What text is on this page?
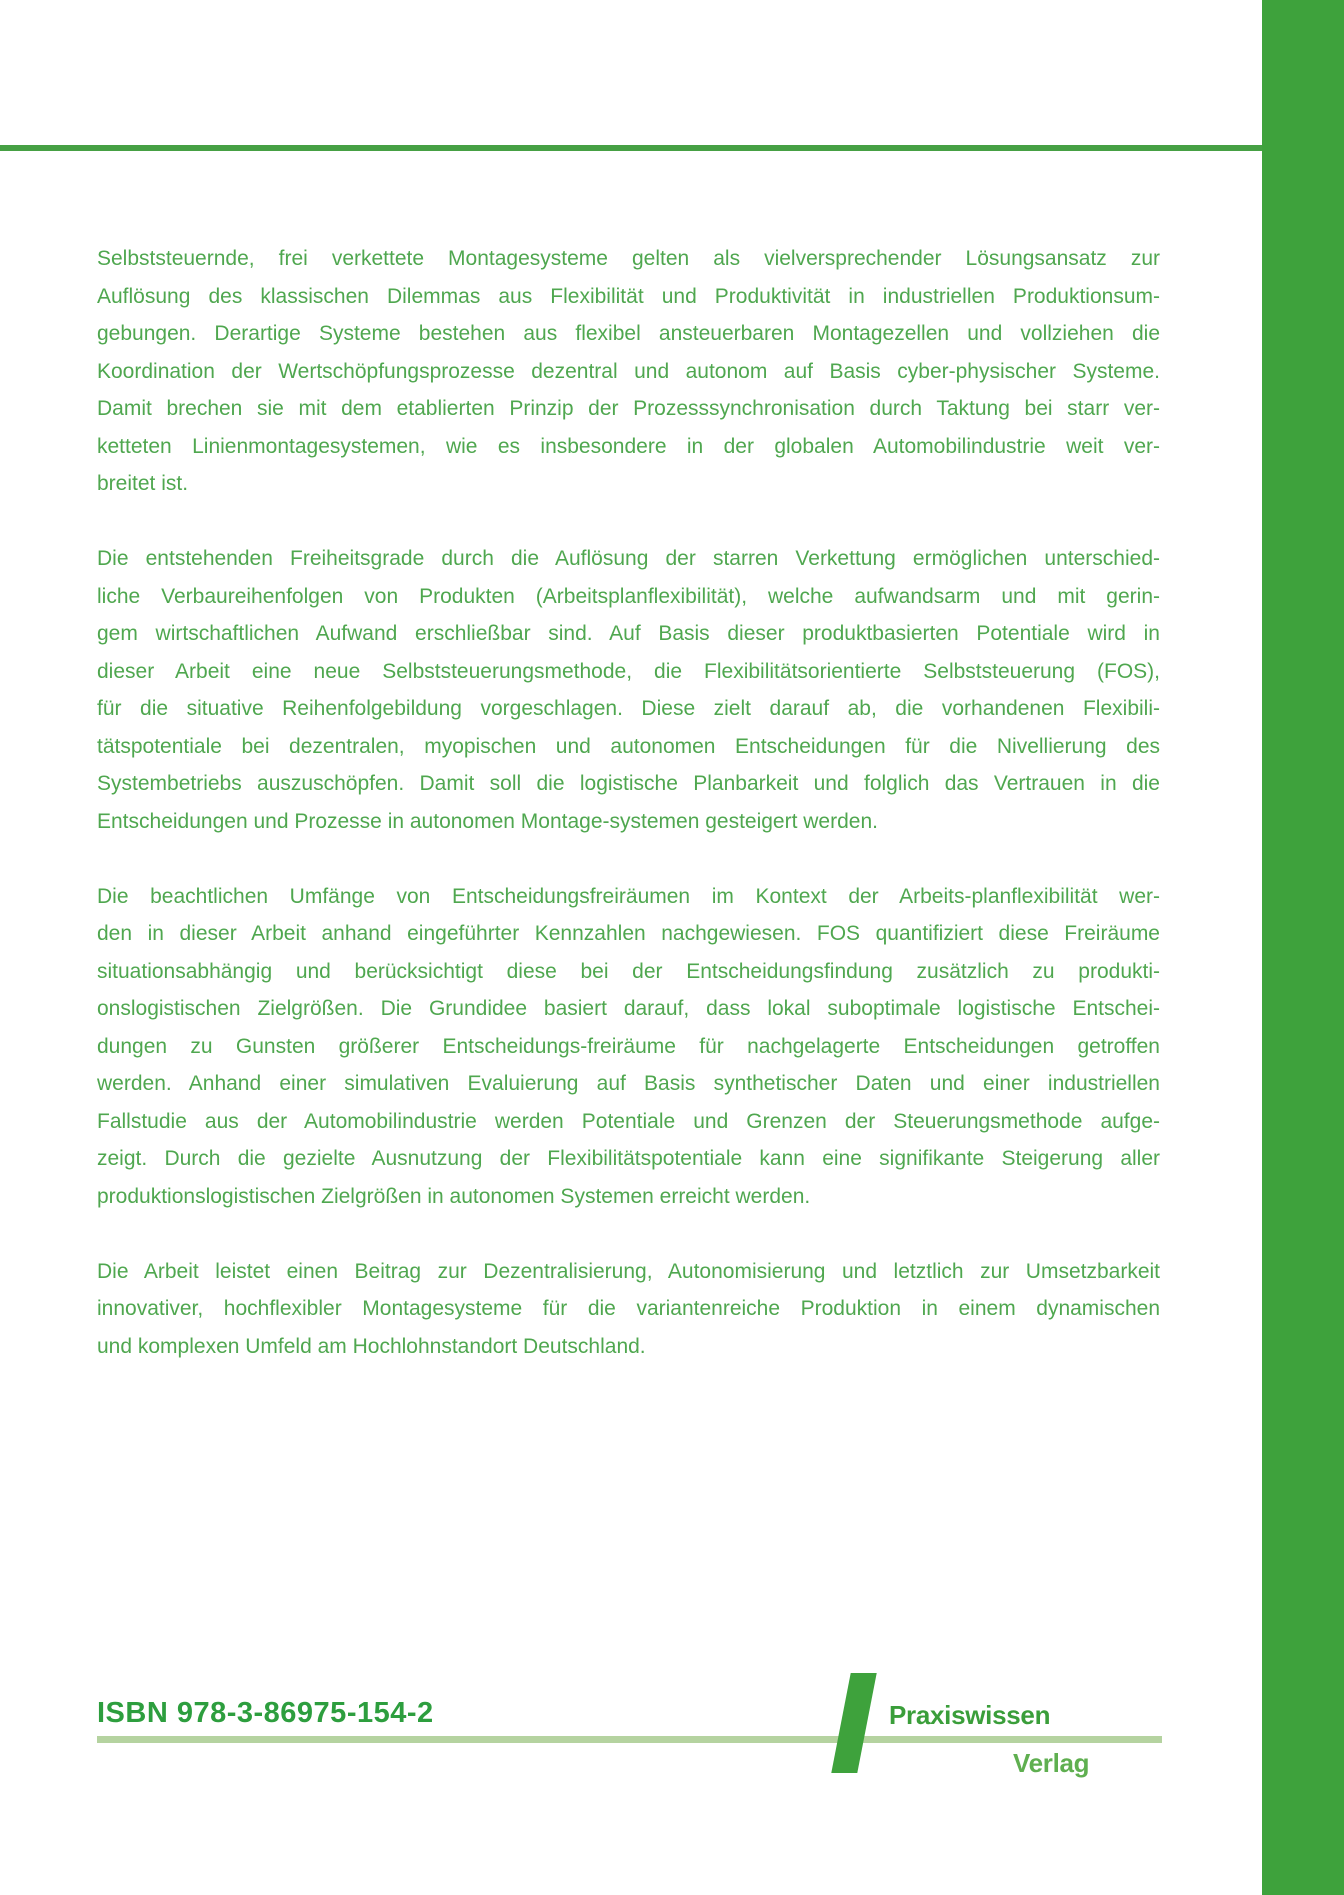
Selbststeuernde, frei verkettete Montagesysteme gelten als vielversprechender Lösungsansatz zur
Auflösung des klassischen Dilemmas aus Flexibilität und Produktivität in industriellen Produktionsum-
gebungen. Derartige Systeme bestehen aus flexibel ansteuerbaren Montagezellen und vollziehen die
Koordination der Wertschöpfungsprozesse dezentral und autonom auf Basis cyber-physischer Systeme.
Damit brechen sie mit dem etablierten Prinzip der Prozesssynchronisation durch Taktung bei starr ver-
ketteten Linienmontagesystemen, wie es insbesondere in der globalen Automobilindustrie weit ver-
breitet ist.
Die entstehenden Freiheitsgrade durch die Auflösung der starren Verkettung ermöglichen unterschied-
liche Verbaureihenfolgen von Produkten (Arbeitsplanflexibilität), welche aufwandsarm und mit gerin-
gem wirtschaftlichen Aufwand erschließbar sind. Auf Basis dieser produktbasierten Potentiale wird in
dieser Arbeit eine neue Selbststeuerungsmethode, die Flexibilitätsorientierte Selbststeuerung (FOS),
für die situative Reihenfolgebildung vorgeschlagen. Diese zielt darauf ab, die vorhandenen Flexibili-
tätspotentiale bei dezentralen, myopischen und autonomen Entscheidungen für die Nivellierung des
Systembetriebs auszuschöpfen. Damit soll die logistische Planbarkeit und folglich das Vertrauen in die
Entscheidungen und Prozesse in autonomen Montage-systemen gesteigert werden.
Die beachtlichen Umfänge von Entscheidungsfreiräumen im Kontext der Arbeits-planflexibilität wer-
den in dieser Arbeit anhand eingeführter Kennzahlen nachgewiesen. FOS quantifiziert diese Freiräume
situationsabhängig und berücksichtigt diese bei der Entscheidungsfindung zusätzlich zu produkti-
onslogistischen Zielgrößen. Die Grundidee basiert darauf, dass lokal suboptimale logistische Entschei-
dungen zu Gunsten größerer Entscheidungs-freiräume für nachgelagerte Entscheidungen getroffen
werden. Anhand einer simulativen Evaluierung auf Basis synthetischer Daten und einer industriellen
Fallstudie aus der Automobilindustrie werden Potentiale und Grenzen der Steuerungsmethode aufge-
zeigt. Durch die gezielte Ausnutzung der Flexibilitätspotentiale kann eine signifikante Steigerung aller
produktionslogistischen Zielgrößen in autonomen Systemen erreicht werden.
Die Arbeit leistet einen Beitrag zur Dezentralisierung, Autonomisierung und letztlich zur Umsetzbarkeit
innovativer, hochflexibler Montagesysteme für die variantenreiche Produktion in einem dynamischen
und komplexen Umfeld am Hochlohnstandort Deutschland.
ISBN 978-3-86975-154-2	Praxiswissen
Verlag
